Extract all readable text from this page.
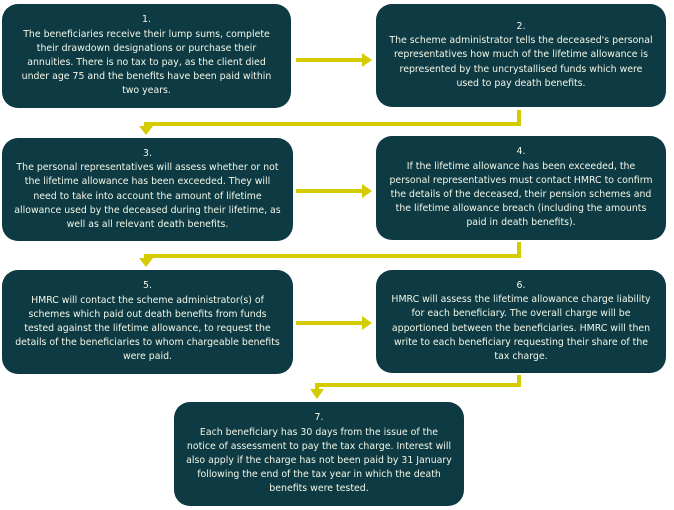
1.
The beneficiaries receive their lump sums, complete their drawdown designations or purchase their annuities. There is no tax to pay, as the client died under age 75 and the benefits have been paid within two years.
2.
The scheme administrator tells the deceased's personal representatives how much of the lifetime allowance is represented by the uncrystallised funds which were used to pay death benefits.
3.
The personal representatives will assess whether or not the lifetime allowance has been exceeded. They will need to take into account the amount of lifetime allowance used by the deceased during their lifetime, as well as all relevant death benefits.
4.
If the lifetime allowance has been exceeded, the personal representatives must contact HMRC to confirm the details of the deceased, their pension schemes and the lifetime allowance breach (including the amounts paid in death benefits).
5.
HMRC will contact the scheme administrator(s) of schemes which paid out death benefits from funds tested against the lifetime allowance, to request the details of the beneficiaries to whom chargeable benefits were paid.
6.
HMRC will assess the lifetime allowance charge liability for each beneficiary. The overall charge will be apportioned between the beneficiaries. HMRC will then write to each beneficiary requesting their share of the tax charge.
7.
Each beneficiary has 30 days from the issue of the notice of assessment to pay the tax charge. Interest will also apply if the charge has not been paid by 31 January following the end of the tax year in which the death benefits were tested.
